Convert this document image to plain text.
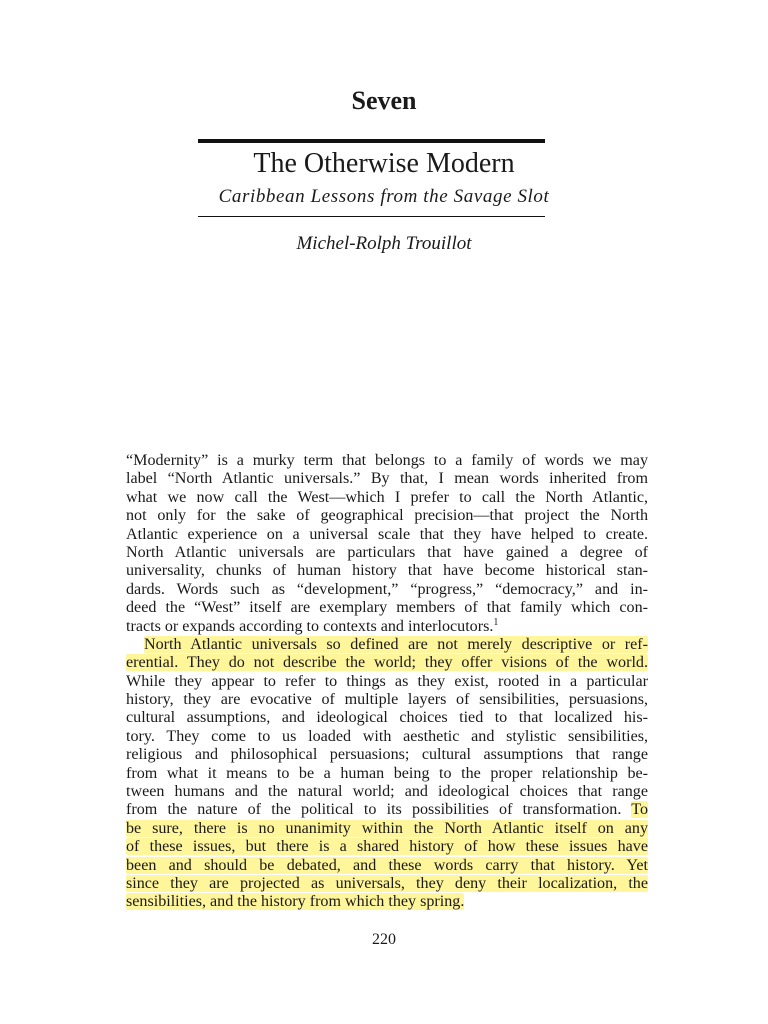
Seven
The Otherwise Modern
Caribbean Lessons from the Savage Slot
Michel-Rolph Trouillot
“Modernity” is a murky term that belongs to a family of words we may
label “North Atlantic universals.” By that, I mean words inherited from
what we now call the West—which I prefer to call the North Atlantic,
not only for the sake of geographical precision—that project the North
Atlantic experience on a universal scale that they have helped to create.
North Atlantic universals are particulars that have gained a degree of
universality, chunks of human history that have become historical stan-
dards. Words such as “development,” “progress,” “democracy,” and in-
deed the “West” itself are exemplary members of that family which con-
tracts or expands according to contexts and interlocutors.$^1$
North Atlantic universals so defined are not merely descriptive or ref-
erential. They do not describe the world; they offer visions of the world.
While they appear to refer to things as they exist, rooted in a particular
history, they are evocative of multiple layers of sensibilities, persuasions,
cultural assumptions, and ideological choices tied to that localized his-
tory. They come to us loaded with aesthetic and stylistic sensibilities,
religious and philosophical persuasions; cultural assumptions that range
from what it means to be a human being to the proper relationship be-
tween humans and the natural world; and ideological choices that range
from the nature of the political to its possibilities of transformation. To
be sure, there is no unanimity within the North Atlantic itself on any
of these issues, but there is a shared history of how these issues have
been and should be debated, and these words carry that history. Yet
since they are projected as universals, they deny their localization, the
sensibilities, and the history from which they spring.
220
